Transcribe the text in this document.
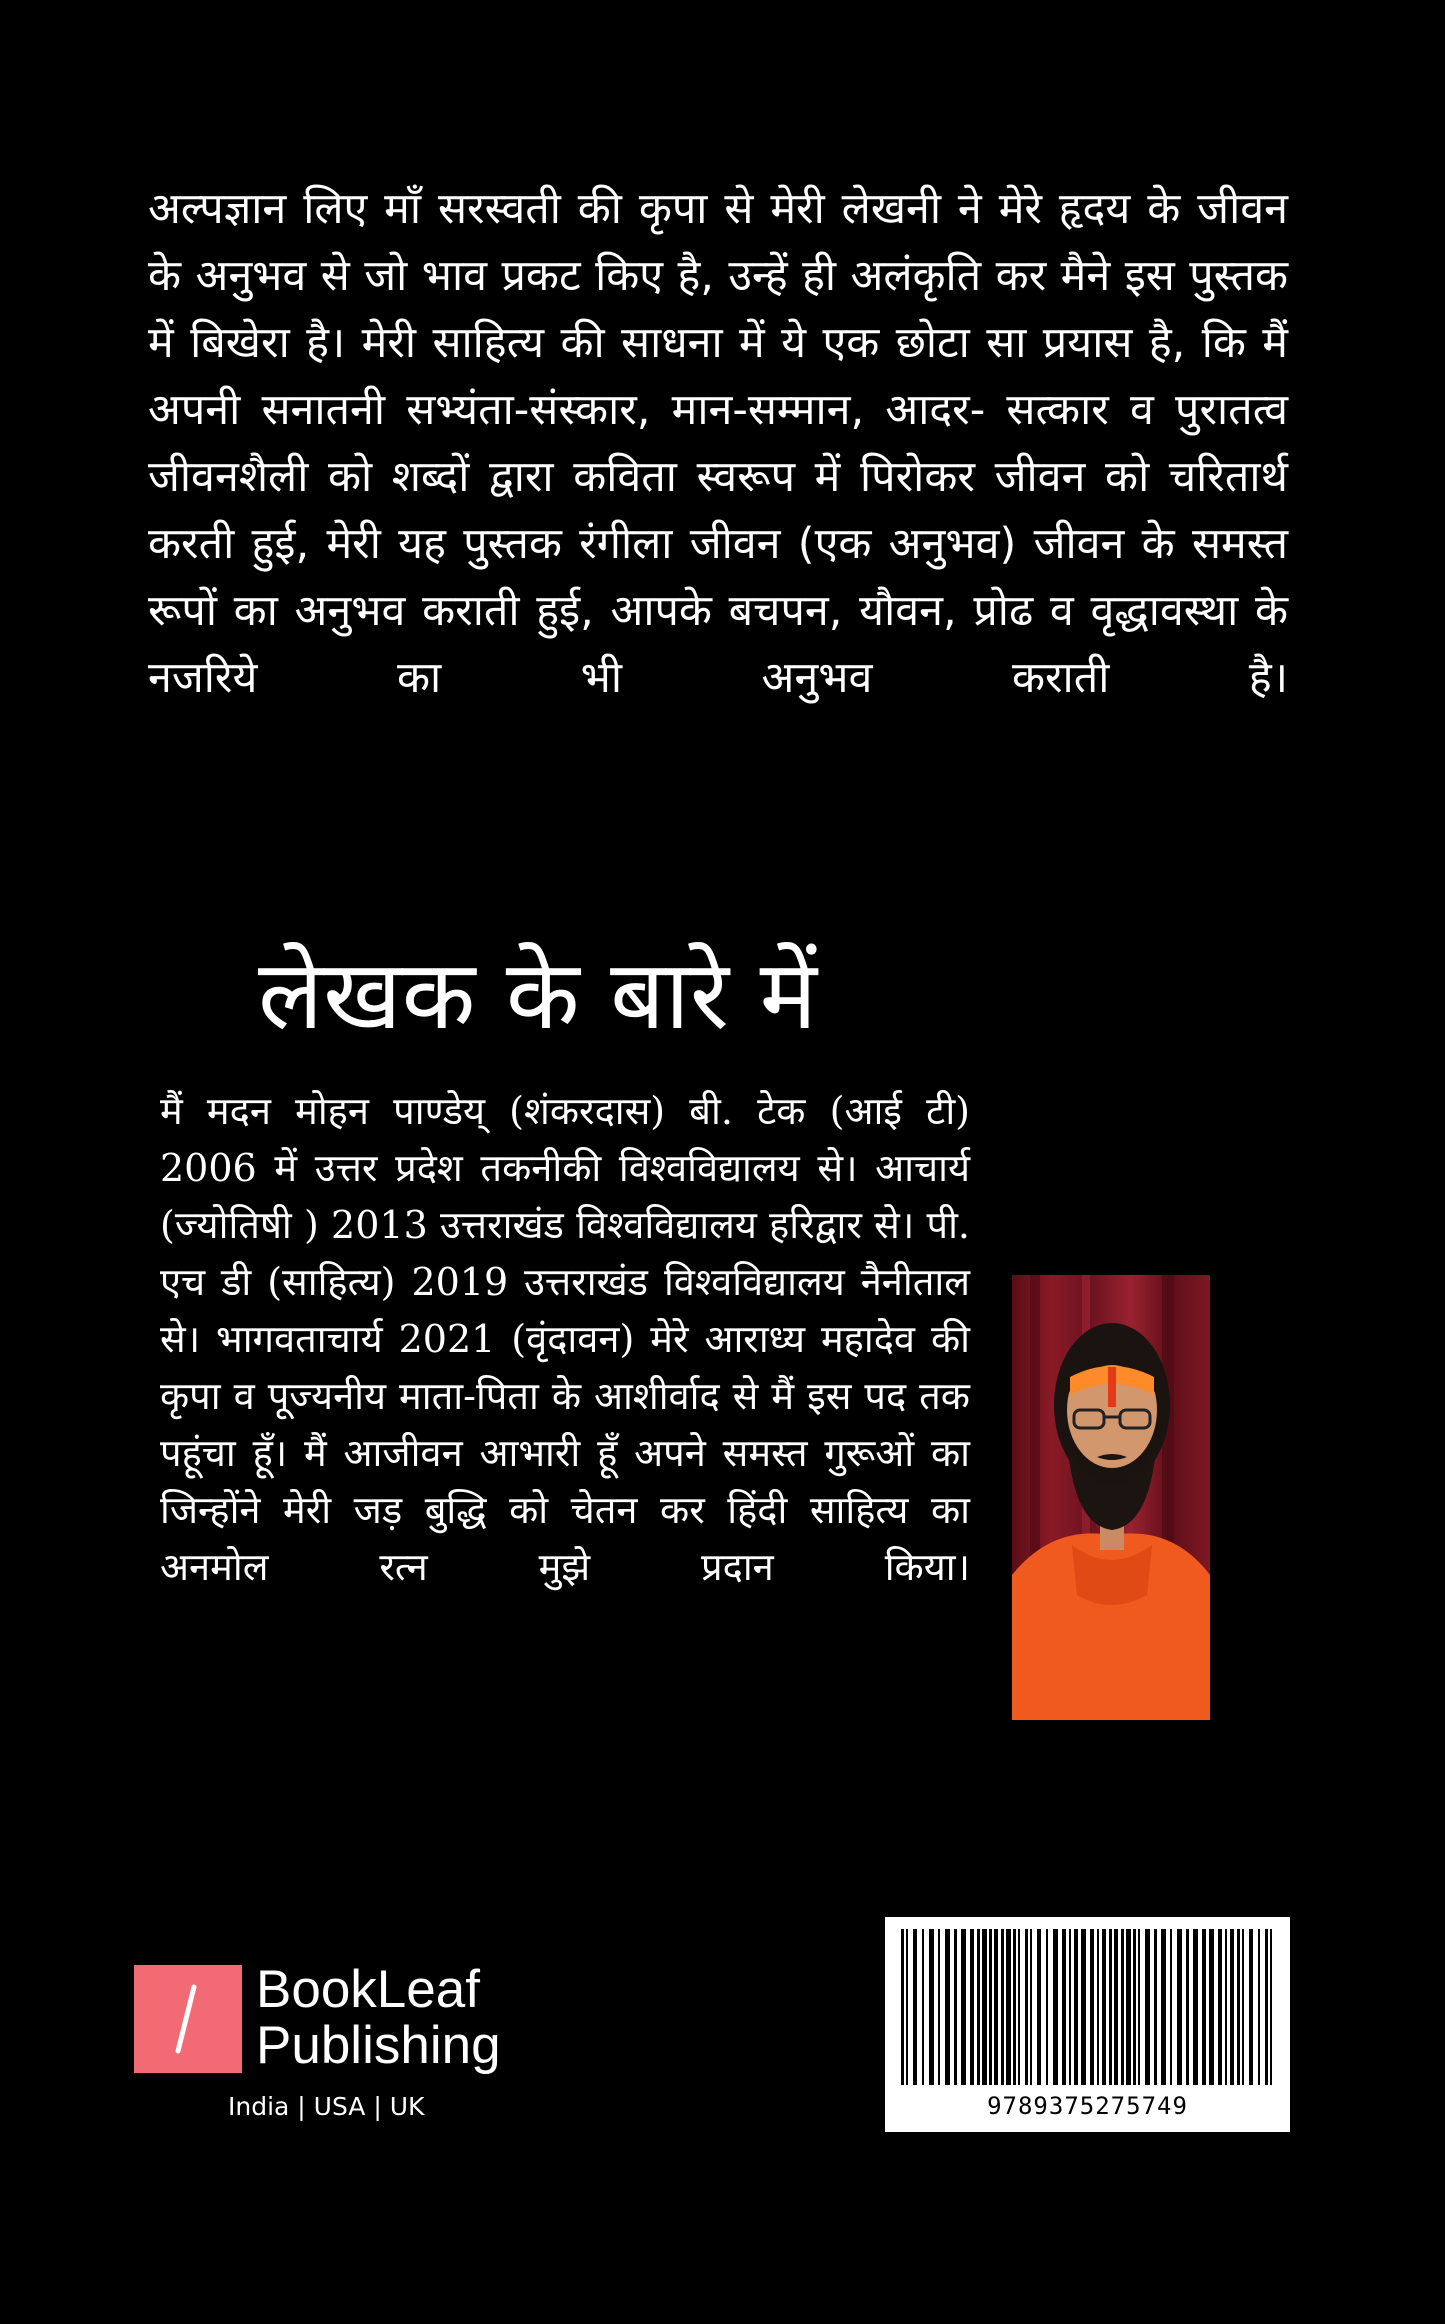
अल्पज्ञान लिए माँ सरस्वती की कृपा से मेरी लेखनी ने मेरे हृदय के जीवन के अनुभव से जो भाव प्रकट किए है, उन्हें ही अलंकृति कर मैने इस पुस्तक में बिखेरा है। मेरी साहित्य की साधना में ये एक छोटा सा प्रयास है, कि मैं अपनी सनातनी सभ्यंता-संस्कार, मान-सम्मान, आदर- सत्कार व पुरातत्व जीवनशैली को शब्दों द्वारा कविता स्वरूप में पिरोकर जीवन को चरितार्थ करती हुई, मेरी यह पुस्तक रंगीला जीवन (एक अनुभव) जीवन के समस्त रूपों का अनुभव कराती हुई, आपके बचपन, यौवन, प्रोढ व वृद्धावस्था के नजरिये का भी अनुभव कराती है।

लेखक के बारे में

मैं मदन मोहन पाण्डेय् (शंकरदास) बी. टेक (आई टी) 2006 में उत्तर प्रदेश तकनीकी विश्वविद्यालय से। आचार्य (ज्योतिषी ) 2013 उत्तराखंड विश्वविद्यालय हरिद्वार से। पी. एच डी (साहित्य) 2019 उत्तराखंड विश्वविद्यालय नैनीताल से। भागवताचार्य 2021 (वृंदावन) मेरे आराध्य महादेव की कृपा व पूज्यनीय माता-पिता के आशीर्वाद से मैं इस पद तक पहूंचा हूँ। मैं आजीवन आभारी हूँ अपने समस्त गुरूओं का जिन्होंने मेरी जड़ बुद्धि को चेतन कर हिंदी साहित्य का अनमोल रत्न मुझे प्रदान किया।

BookLeaf
Publishing
India | USA | UK	9789375275749
